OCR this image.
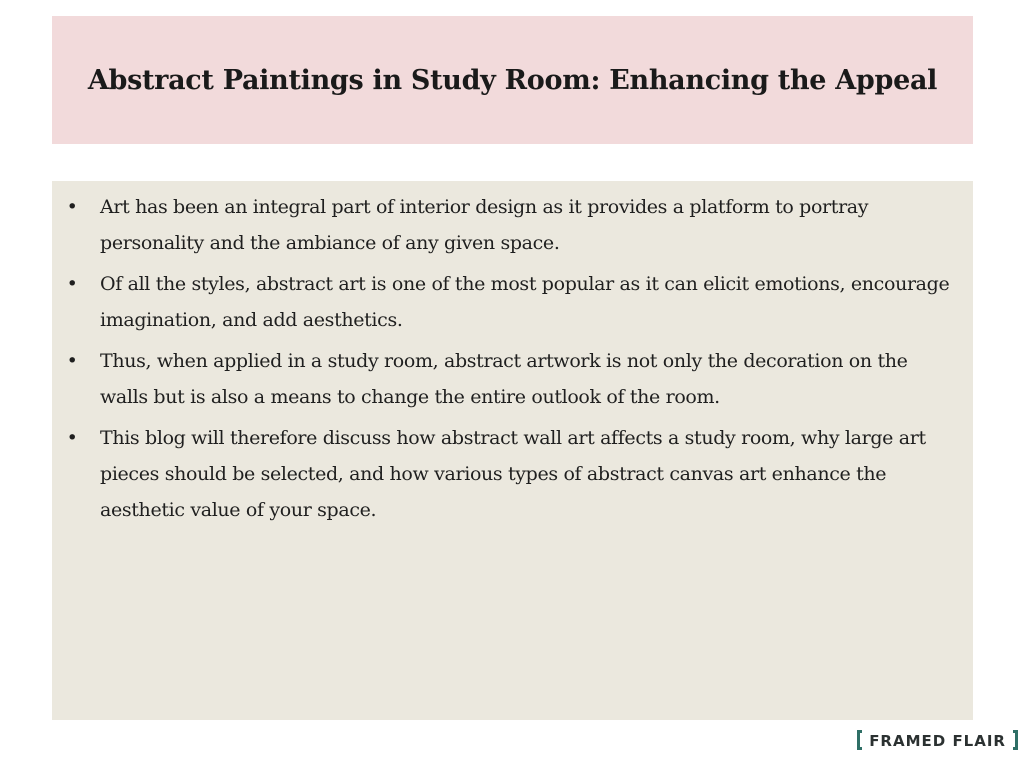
Abstract Paintings in Study Room: Enhancing the Appeal
• Art has been an integral part of interior design as it provides a platform to portray personality and the ambiance of any given space.
• Of all the styles, abstract art is one of the most popular as it can elicit emotions, encourage imagination, and add aesthetics.
• Thus, when applied in a study room, abstract artwork is not only the decoration on the walls but is also a means to change the entire outlook of the room.
• This blog will therefore discuss how abstract wall art affects a study room, why large art pieces should be selected, and how various types of abstract canvas art enhance the aesthetic value of your space.
FRAMED FLAIR
